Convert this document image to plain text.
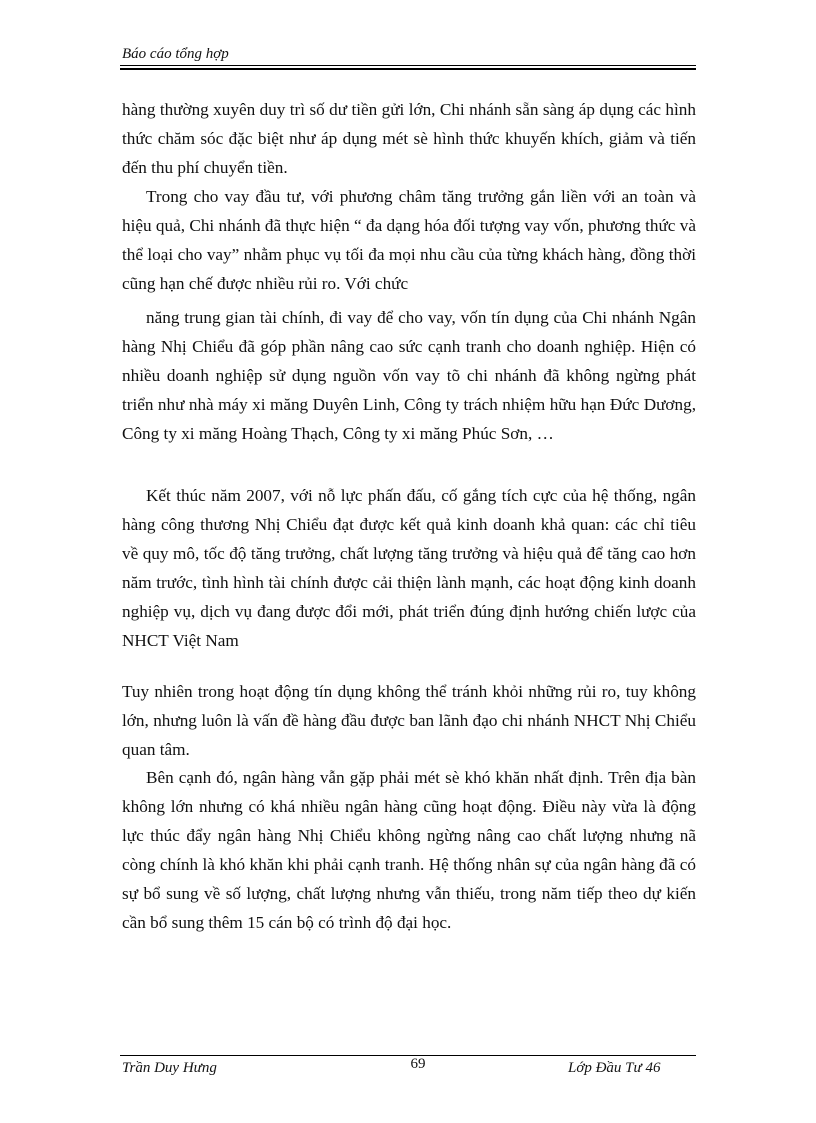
Báo cáo tổng hợp

hàng thường xuyên duy trì số dư tiền gửi lớn, Chi nhánh sẵn sàng áp dụng các hình thức chăm sóc đặc biệt như áp dụng mét sè hình thức khuyến khích, giảm và tiến đến thu phí chuyển tiền.

Trong cho vay đầu tư, với phương châm tăng trưởng gắn liền với an toàn và hiệu quả, Chi nhánh đã thực hiện “ đa dạng hóa đối tượng vay vốn, phương thức và thể loại cho vay” nhằm phục vụ tối đa mọi nhu cầu của từng khách hàng, đồng thời cũng hạn chế được nhiều rủi ro. Với chức

năng trung gian tài chính, đi vay để cho vay, vốn tín dụng của Chi nhánh Ngân hàng Nhị Chiểu đã góp phần nâng cao sức cạnh tranh cho doanh nghiệp. Hiện có nhiều doanh nghiệp sử dụng nguồn vốn vay tõ chi nhánh đã không ngừng phát triển như nhà máy xi măng Duyên Linh, Công ty trách nhiệm hữu hạn Đức Dương, Công ty xi măng Hoàng Thạch, Công ty xi măng Phúc Sơn, …

Kết thúc năm 2007, với nỗ lực phấn đấu, cố gắng tích cực của hệ thống, ngân hàng công thương Nhị Chiểu đạt được kết quả kinh doanh khả quan: các chỉ tiêu về quy mô, tốc độ tăng trưởng, chất lượng tăng trưởng và hiệu quả để tăng cao hơn năm trước, tình hình tài chính được cải thiện lành mạnh, các hoạt động kinh doanh nghiệp vụ, dịch vụ đang được đổi mới, phát triển đúng định hướng chiến lược của NHCT Việt Nam

Tuy nhiên trong hoạt động tín dụng không thể tránh khỏi những rủi ro, tuy không lớn, nhưng luôn là vấn đề hàng đầu được ban lãnh đạo chi nhánh NHCT Nhị Chiểu quan tâm.

Bên cạnh đó, ngân hàng vẫn gặp phải mét sè khó khăn nhất định. Trên địa bàn không lớn nhưng có khá nhiều ngân hàng cũng hoạt động. Điều này vừa là động lực thúc đẩy ngân hàng Nhị Chiểu không ngừng nâng cao chất lượng nhưng nã còng chính là khó khăn khi phải cạnh tranh. Hệ thống nhân sự của ngân hàng đã có sự bổ sung về số lượng, chất lượng nhưng vẫn thiếu, trong năm tiếp theo dự kiến cần bổ sung thêm 15 cán bộ có trình độ đại học.

Trần Duy Hưng	69	Lớp Đầu Tư 46
